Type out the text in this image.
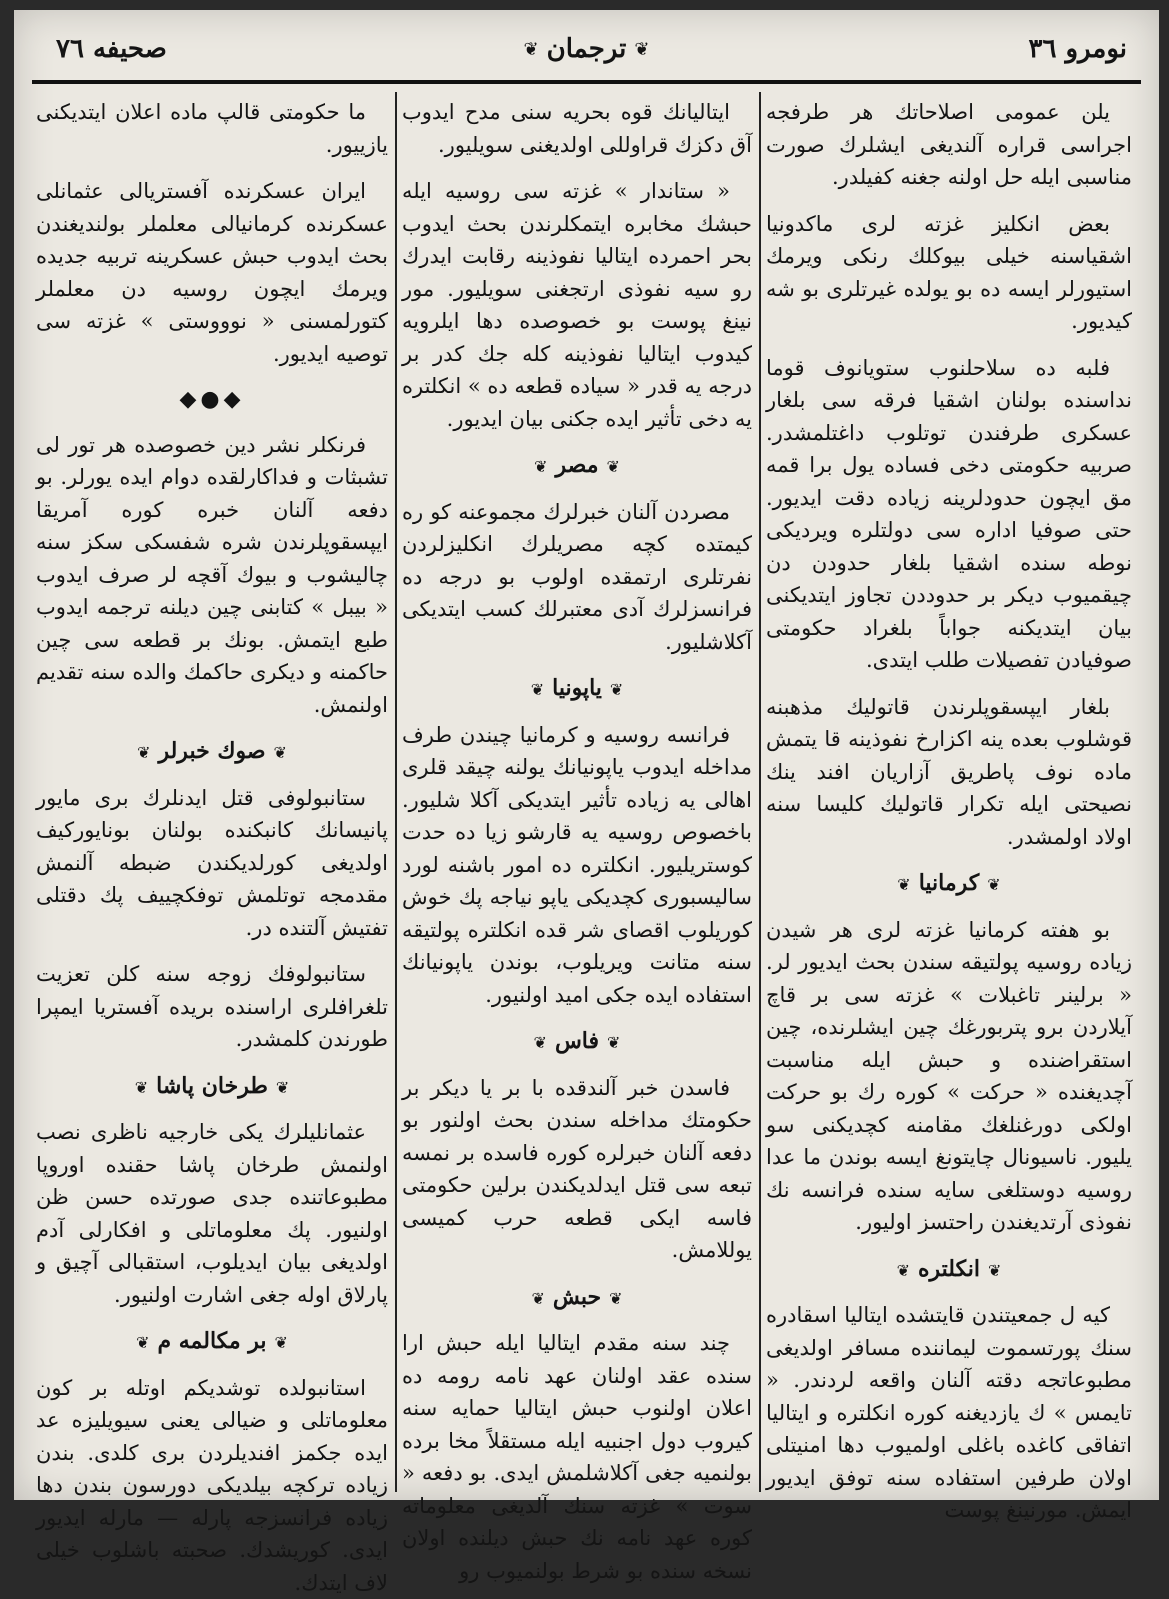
نومرو ٣٦
❦
ترجمان
❦
صحيفه ٧٦

يلن عمومی اصلاحاتك هر طرفجه اجراسی قراره آلنديغی ايشلرك صورت مناسبی ايله حل اولنه جغنه كفيلدر.

بعض انكليز غزته لری ماكدونيا اشقياسنه خيلی بيوكلك رنكی ويرمك استيورلر ايسه ده بو يولده غيرتلری بو شه كيديور.

فلبه ده سلاحلنوب ستويانوف قوما نداسنده بولنان اشقيا فرقه سی بلغار عسكری طرفندن توتلوب داغتلمشدر. صربيه حكومتی دخی فساده يول برا قمه مق ايچون حدودلرينه زياده دقت ايديور. حتی صوفيا اداره سی دولتلره ويرديكی نوطه سنده اشقيا بلغار حدودن دن چيقميوب ديكر بر حدوددن تجاوز ايتديكنی بيان ايتديكنه جواباً بلغراد حكومتی صوفيادن تفصيلات طلب ايتدی.

بلغار ايپسقوپلرندن قاتوليك مذهبنه قوشلوب بعده ينه اكزارخ نفوذينه قا يتمش ماده نوف پاطريق آزاريان افند ينك نصيحتی ايله تكرار قاتوليك كليسا سنه اولاد اولمشدر.

❦كرمانيا❦

بو هفته كرمانيا غزته لری هر شيدن زياده روسيه پولتيقه سندن بحث ايديور لر. « برلينر تاغبلات » غزته سی بر قاچ آيلاردن برو پتربورغك چين ايشلرنده، چين استقراضنده و حبش ايله مناسبت آچديغنده « حركت » كوره رك بو حركت اولكی دورغنلغك مقامنه كچديكنی سو يليور. ناسيونال چايتونغ ايسه بوندن ما عدا روسيه دوستلغی سايه سنده فرانسه نك نفوذی آرتديغندن راحتسز اوليور.

❦انكلتره❦

كيه ل جمعيتندن قايتشده ايتاليا اسقادره سنك پورتسموت ليماننده مسافر اولديغی مطبوعاتجه دقته آلنان واقعه لردندر. « تايمس » ك يازديغنه كوره انكلتره و ايتاليا اتفاقی كاغده باغلی اولميوب دها امنيتلی اولان طرفين استفاده سنه توفق ايديور ايمش. مورنينغ پوست

ايتاليانك قوه بحريه سنی مدح ايدوب آق دكزك قراوللی اولديغنی سويليور.

« ستاندار » غزته سی روسيه ايله حبشك مخابره ايتمكلرندن بحث ايدوب بحر احمرده ايتاليا نفوذينه رقابت ايدرك رو سيه نفوذی ارتجغنی سويليور. مور نينغ پوست بو خصوصده دها ايلرويه كيدوب ايتاليا نفوذينه كله جك كدر بر درجه يه قدر « سياده قطعه ده » انكلتره يه دخی تأثير ايده جكنی بيان ايديور.

❦مصر❦

مصردن آلنان خبرلرك مجموعنه كو ره كيمتده كچه مصريلرك انكليزلردن نفرتلری ارتمقده اولوب بو درجه ده فرانسزلرك آدی معتبرلك كسب ايتديكی آكلاشليور.

❦ياپونيا❦

فرانسه روسيه و كرمانيا چيندن طرف مداخله ايدوب ياپونيانك يولنه چيقد قلری اهالی يه زياده تأثير ايتديكی آكلا شليور. باخصوص روسيه يه قارشو زيا ده حدت كوستريليور. انكلتره ده امور باشنه لورد ساليسبوری كچديكی ياپو نياجه پك خوش كوريلوب اقصای شر قده انكلتره پولتيقه سنه متانت ويريلوب، بوندن ياپونيانك استفاده ايده جكی اميد اولنيور.

❦فاس❦

فاسدن خبر آلندقده با بر يا ديكر بر حكومتك مداخله سندن بحث اولنور بو دفعه آلنان خبرلره كوره فاسده بر نمسه تبعه سی قتل ايدلديكندن برلين حكومتی فاسه ايكی قطعه حرب كميسی يوللامش.

❦حبش❦

چند سنه مقدم ايتاليا ايله حبش ارا سنده عقد اولنان عهد نامه رومه ده اعلان اولنوب حبش ايتاليا حمايه سنه كيروب دول اجنبيه ايله مستقلاً مخا برده بولنميه جغی آكلاشلمش ايدی. بو دفعه « سوت » غزته سنك آلديغی معلوماته كوره عهد نامه نك حبش ديلنده اولان نسخه سنده بو شرط بولنميوب رو

ما حكومتی قالپ ماده اعلان ايتديكنی يازييور.

ايران عسكرنده آفستريالی عثمانلی عسكرنده كرمانيالی معلملر بولنديغندن بحث ايدوب حبش عسكرينه تربيه جديده ويرمك ايچون روسيه دن معلملر كتورلمسنی « نوووستی » غزته سی توصيه ايديور.

◆●◆

فرنكلر نشر دين خصوصده هر تور لی تشبثات و فداكارلقده دوام ايده يورلر. بو دفعه آلنان خبره كوره آمريقا ايپسقوپلرندن شره شفسكی سكز سنه چاليشوب و بيوك آقچه لر صرف ايدوب « بيبل » كتابنی چين ديلنه ترجمه ايدوب طبع ايتمش. بونك بر قطعه سی چين حاكمنه و ديكری حاكمك والده سنه تقديم اولنمش.

❦صوك خبرلر❦

ستانبولوفی قتل ايدنلرك بری مايور پانيسانك كانبكنده بولنان بونايوركيف اولديغی كورلديكندن ضبطه آلنمش مقدمجه توتلمش توفكچييف پك دقتلی تفتيش آلتنده در.

ستانبولوفك زوجه سنه كلن تعزيت تلغرافلری اراسنده بريده آفستريا ايمپرا طورندن كلمشدر.

❦طرخان پاشا❦

عثمانليلرك يكی خارجيه ناظری نصب اولنمش طرخان پاشا حقنده اوروپا مطبوعاتنده جدی صورتده حسن ظن اولنيور. پك معلوماتلی و افكارلی آدم اولديغی بيان ايديلوب، استقبالی آچيق و پارلاق اوله جغی اشارت اولنيور.

❦بر مكالمه م❦

استانبولده توشديكم اوتله بر كون معلوماتلی و ضيالی يعنی سيويليزه عد ايده جكمز افنديلردن بری كلدی. بندن زياده تركچه بيلديكی دورسون بندن دها زياده فرانسزجه پارله — مارله ايديور ايدی. كوريشدك. صحبته باشلوب خيلی لاف ايتدك.
